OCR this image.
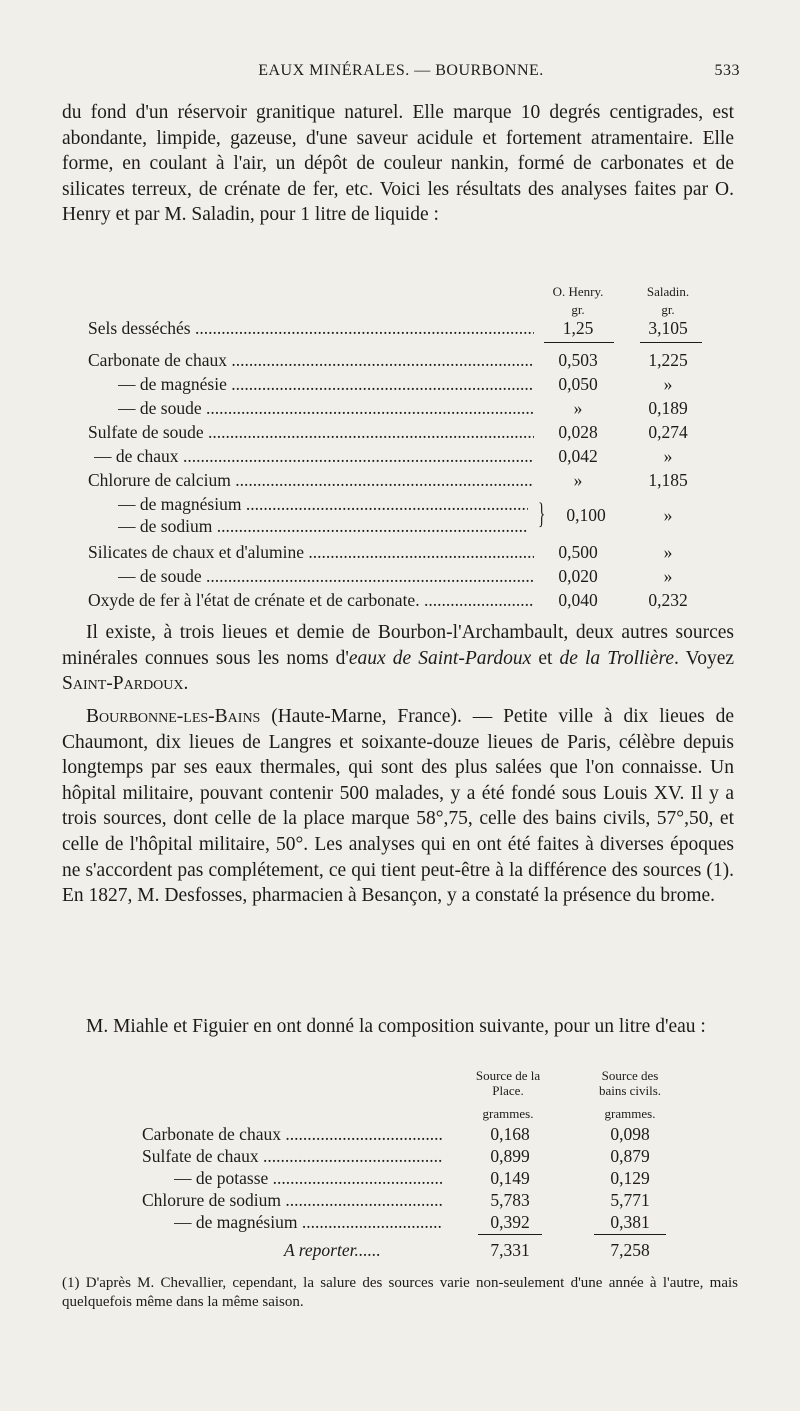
EAUX MINÉRALES. — BOURBONNE.	533
du fond d'un réservoir granitique naturel. Elle marque 10 degrés centigrades, est abondante, limpide, gazeuse, d'une saveur acidule et fortement atramentaire. Elle forme, en coulant à l'air, un dépôt de couleur nankin, formé de carbonates et de silicates terreux, de crénate de fer, etc. Voici les résultats des analyses faites par O. Henry et par M. Saladin, pour 1 litre de liquide :
O. Henry.	Saladin.
gr.	gr.
Sels desséchés .....	1,25	3,105
Carbonate de chaux .....	0,503	1,225
— de magnésie .....	0,050	»
— de soude .....	»	0,189
Sulfate de soude .....	0,028	0,274
— de chaux .....	0,042	»
Chlorure de calcium .....	»	1,185
— de magnésium .....
— de sodium .....	}	0,100	»
Silicates de chaux et d'alumine .....	0,500	»
— de soude .....	0,020	»
Oxyde de fer à l'état de crénate et de carbonate. .....	0,040	0,232
Il existe, à trois lieues et demie de Bourbon-l'Archambault, deux autres sources minérales connues sous les noms d'eaux de Saint-Pardoux et de la Trollière. Voyez Saint-Pardoux.
Bourbonne-les-Bains (Haute-Marne, France). — Petite ville à dix lieues de Chaumont, dix lieues de Langres et soixante-douze lieues de Paris, célèbre depuis longtemps par ses eaux thermales, qui sont des plus salées que l'on connaisse. Un hôpital militaire, pouvant contenir 500 malades, y a été fondé sous Louis XV. Il y a trois sources, dont celle de la place marque 58°,75, celle des bains civils, 57°,50, et celle de l'hôpital militaire, 50°. Les analyses qui en ont été faites à diverses époques ne s'accordent pas complétement, ce qui tient peut-être à la différence des sources (1). En 1827, M. Desfosses, pharmacien à Besançon, y a constaté la présence du brome.
M. Miahle et Figuier en ont donné la composition suivante, pour un litre d'eau :
Source de la
Place.
Source des
bains civils.
grammes.	grammes.
Carbonate de chaux .....	0,168	0,098
Sulfate de chaux .....	0,899	0,879
— de potasse .....	0,149	0,129
Chlorure de sodium .....	5,783	5,771
— de magnésium .....	0,392	0,381
A reporter......	7,331	7,258
(1) D'après M. Chevallier, cependant, la salure des sources varie non-seulement d'une année à l'autre, mais quelquefois même dans la même saison.
